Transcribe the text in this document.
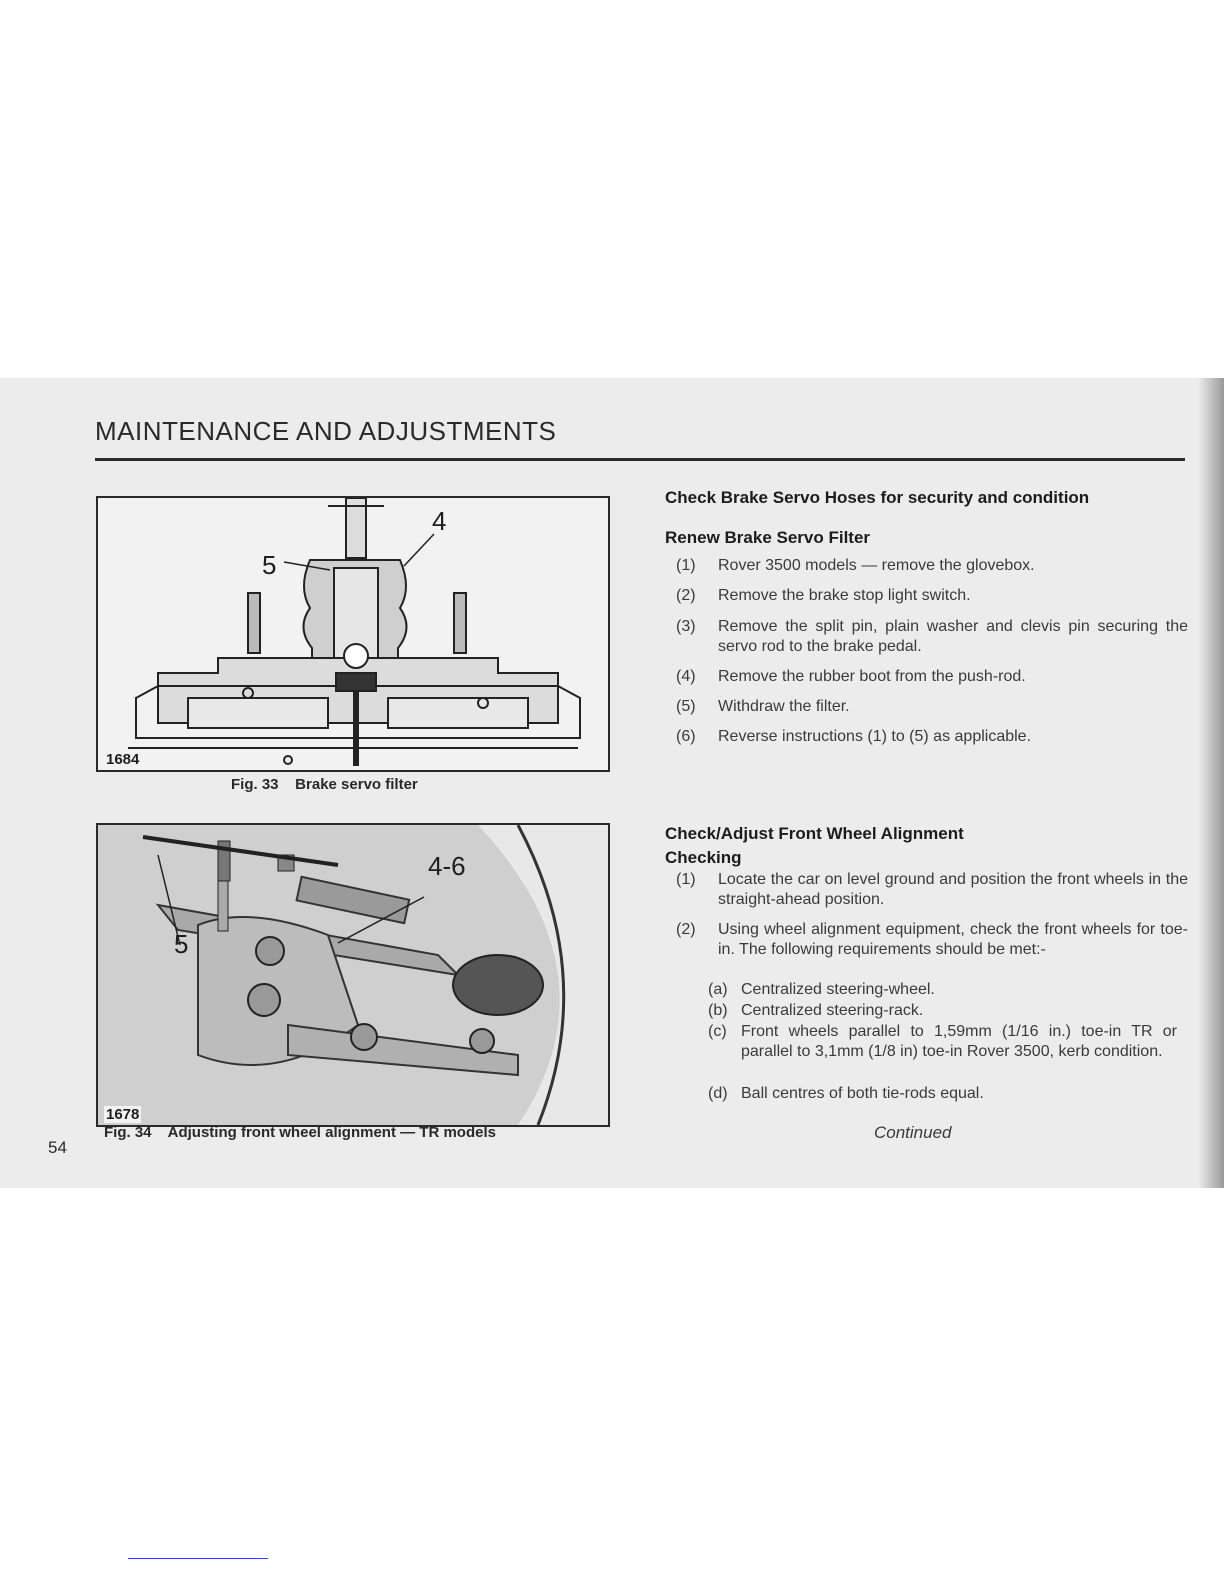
MAINTENANCE AND ADJUSTMENTS
5
4
1684
Fig. 33    Brake servo filter
4-6
5
1678
Fig. 34    Adjusting front wheel alignment — TR models
54
Check Brake Servo Hoses for security and condition
Renew Brake Servo Filter
(1) Rover 3500 models — remove the glovebox.
(2) Remove the brake stop light switch.
(3) Remove the split pin, plain washer and clevis pin securing the servo rod to the brake pedal.
(4) Remove the rubber boot from the push-rod.
(5) Withdraw the filter.
(6) Reverse instructions (1) to (5) as applicable.
Check/Adjust Front Wheel Alignment
Checking
(1) Locate the car on level ground and position the front wheels in the straight-ahead position.
(2) Using wheel alignment equipment, check the front wheels for toe-in. The following requirements should be met:-
(a) Centralized steering-wheel.
(b) Centralized steering-rack.
(c) Front wheels parallel to 1,59mm (1/16 in.) toe-in TR or parallel to 3,1mm (1/8 in) toe-in Rover 3500, kerb condition.
(d) Ball centres of both tie-rods equal.
Continued
